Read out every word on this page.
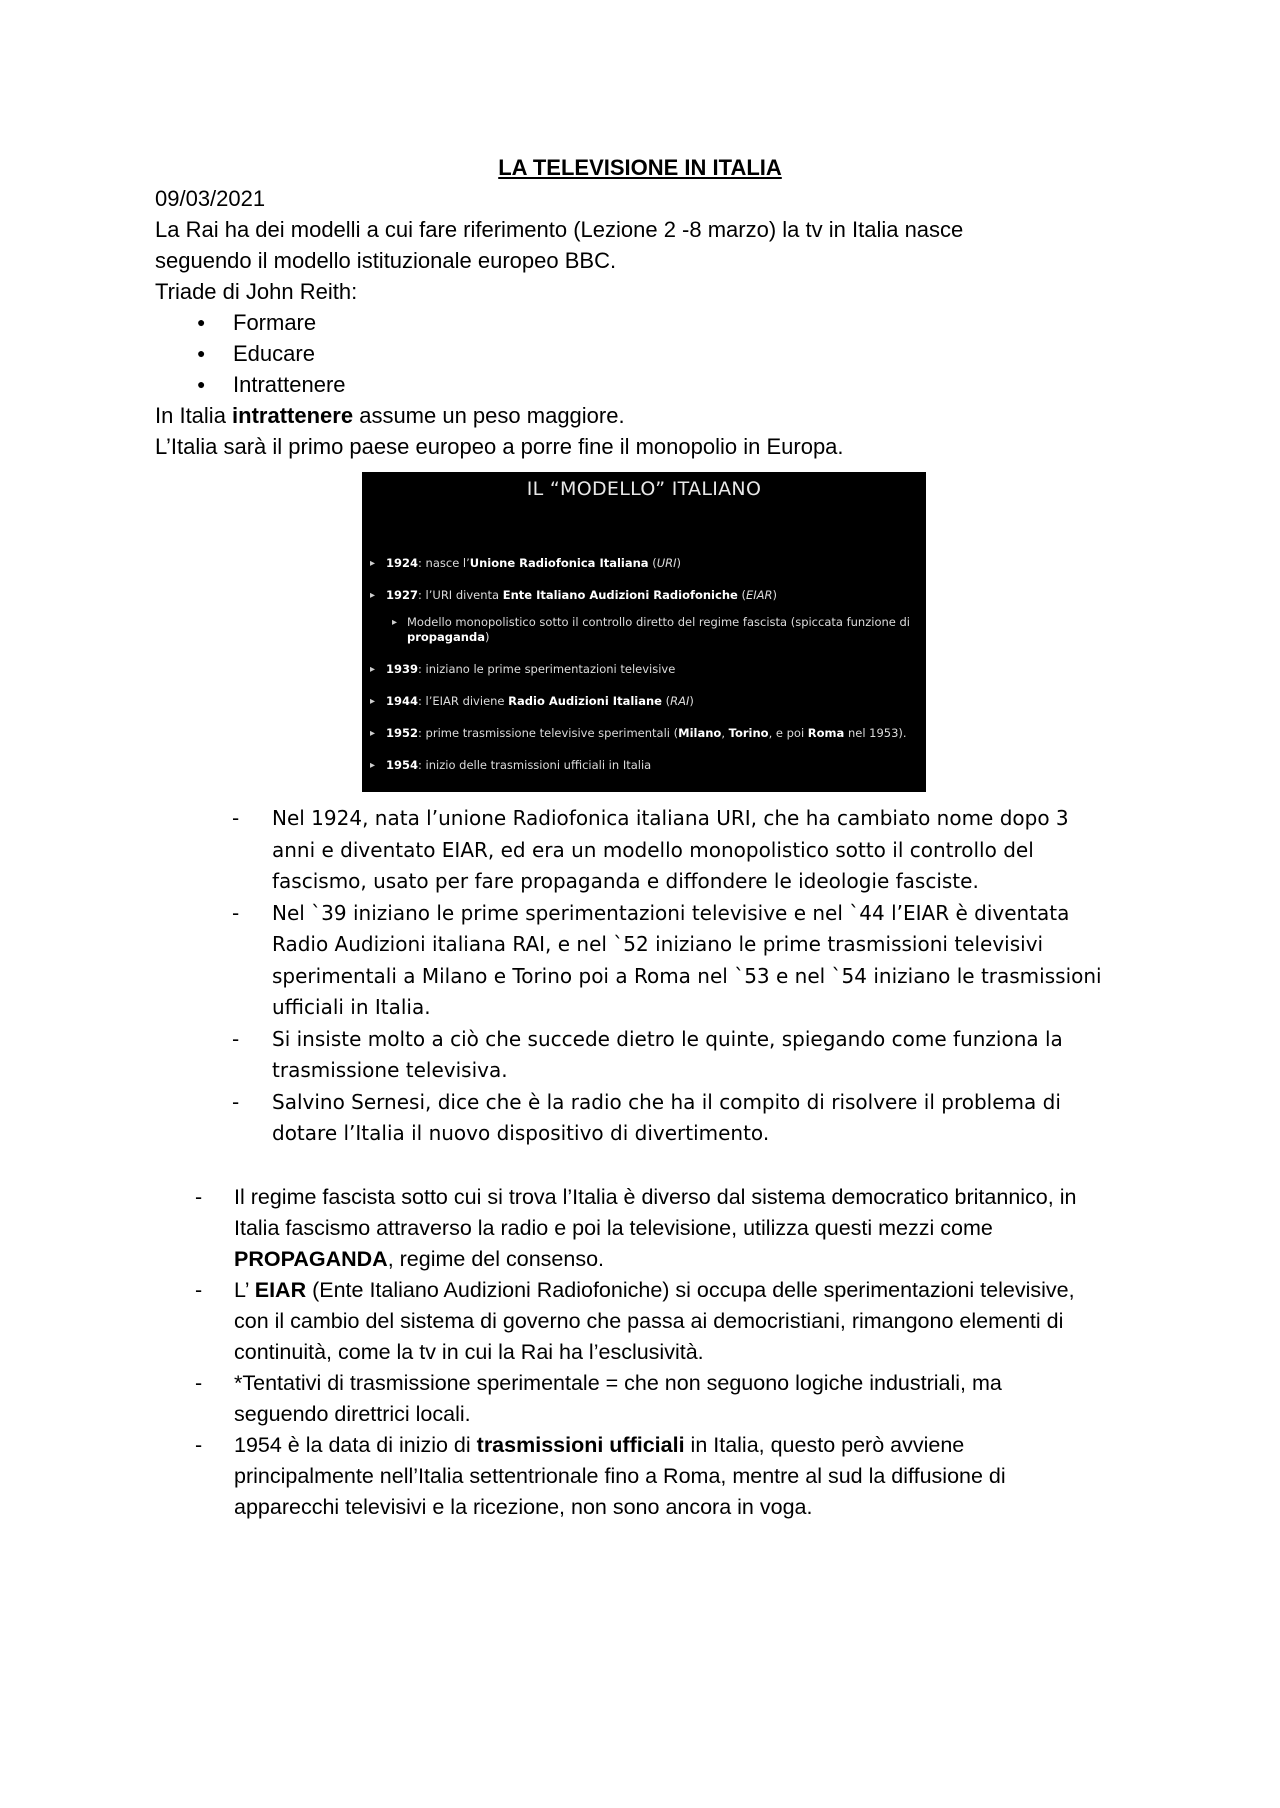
LA TELEVISIONE IN ITALIA

09/03/2021

La Rai ha dei modelli a cui fare riferimento (Lezione 2 -8 marzo) la tv in Italia nasce

seguendo il modello istituzionale europeo BBC.

Triade di John Reith:

● Formare
● Educare
● Intrattenere

In Italia intrattenere assume un peso maggiore.

L’Italia sarà il primo paese europeo a porre fine il monopolio in Europa.

IL “MODELLO” ITALIANO
▸ 1924: nasce l’Unione Radiofonica Italiana (URI)
▸ 1927: l’URI diventa Ente Italiano Audizioni Radiofoniche (EIAR)
▸ Modello monopolistico sotto il controllo diretto del regime fascista (spiccata funzione di propaganda)
▸ 1939: iniziano le prime sperimentazioni televisive
▸ 1944: l’EIAR diviene Radio Audizioni Italiane (RAI)
▸ 1952: prime trasmissione televisive sperimentali (Milano, Torino, e poi Roma nel 1953).
▸ 1954: inizio delle trasmissioni ufficiali in Italia
- Nel 1924, nata l’unione Radiofonica italiana URI, che ha cambiato nome dopo 3 anni e diventato EIAR, ed era un modello monopolistico sotto il controllo del fascismo, usato per fare propaganda e diffondere le ideologie fasciste.
- Nel `39 iniziano le prime sperimentazioni televisive e nel `44 l’EIAR è diventata Radio Audizioni italiana RAI, e nel `52 iniziano le prime trasmissioni televisivi sperimentali a Milano e Torino poi a Roma nel `53 e nel `54 iniziano le trasmissioni ufficiali in Italia.
- Si insiste molto a ciò che succede dietro le quinte, spiegando come funziona la trasmissione televisiva.
- Salvino Sernesi, dice che è la radio che ha il compito di risolvere il problema di dotare l’Italia il nuovo dispositivo di divertimento.
- Il regime fascista sotto cui si trova l’Italia è diverso dal sistema democratico britannico, in Italia fascismo attraverso la radio e poi la televisione, utilizza questi mezzi come PROPAGANDA, regime del consenso.
- L’ EIAR (Ente Italiano Audizioni Radiofoniche) si occupa delle sperimentazioni televisive, con il cambio del sistema di governo che passa ai democristiani, rimangono elementi di continuità, come la tv in cui la Rai ha l’esclusività.
- *Tentativi di trasmissione sperimentale = che non seguono logiche industriali, ma seguendo direttrici locali.
- 1954 è la data di inizio di trasmissioni ufficiali in Italia, questo però avviene principalmente nell’Italia settentrionale fino a Roma, mentre al sud la diffusione di apparecchi televisivi e la ricezione, non sono ancora in voga.
